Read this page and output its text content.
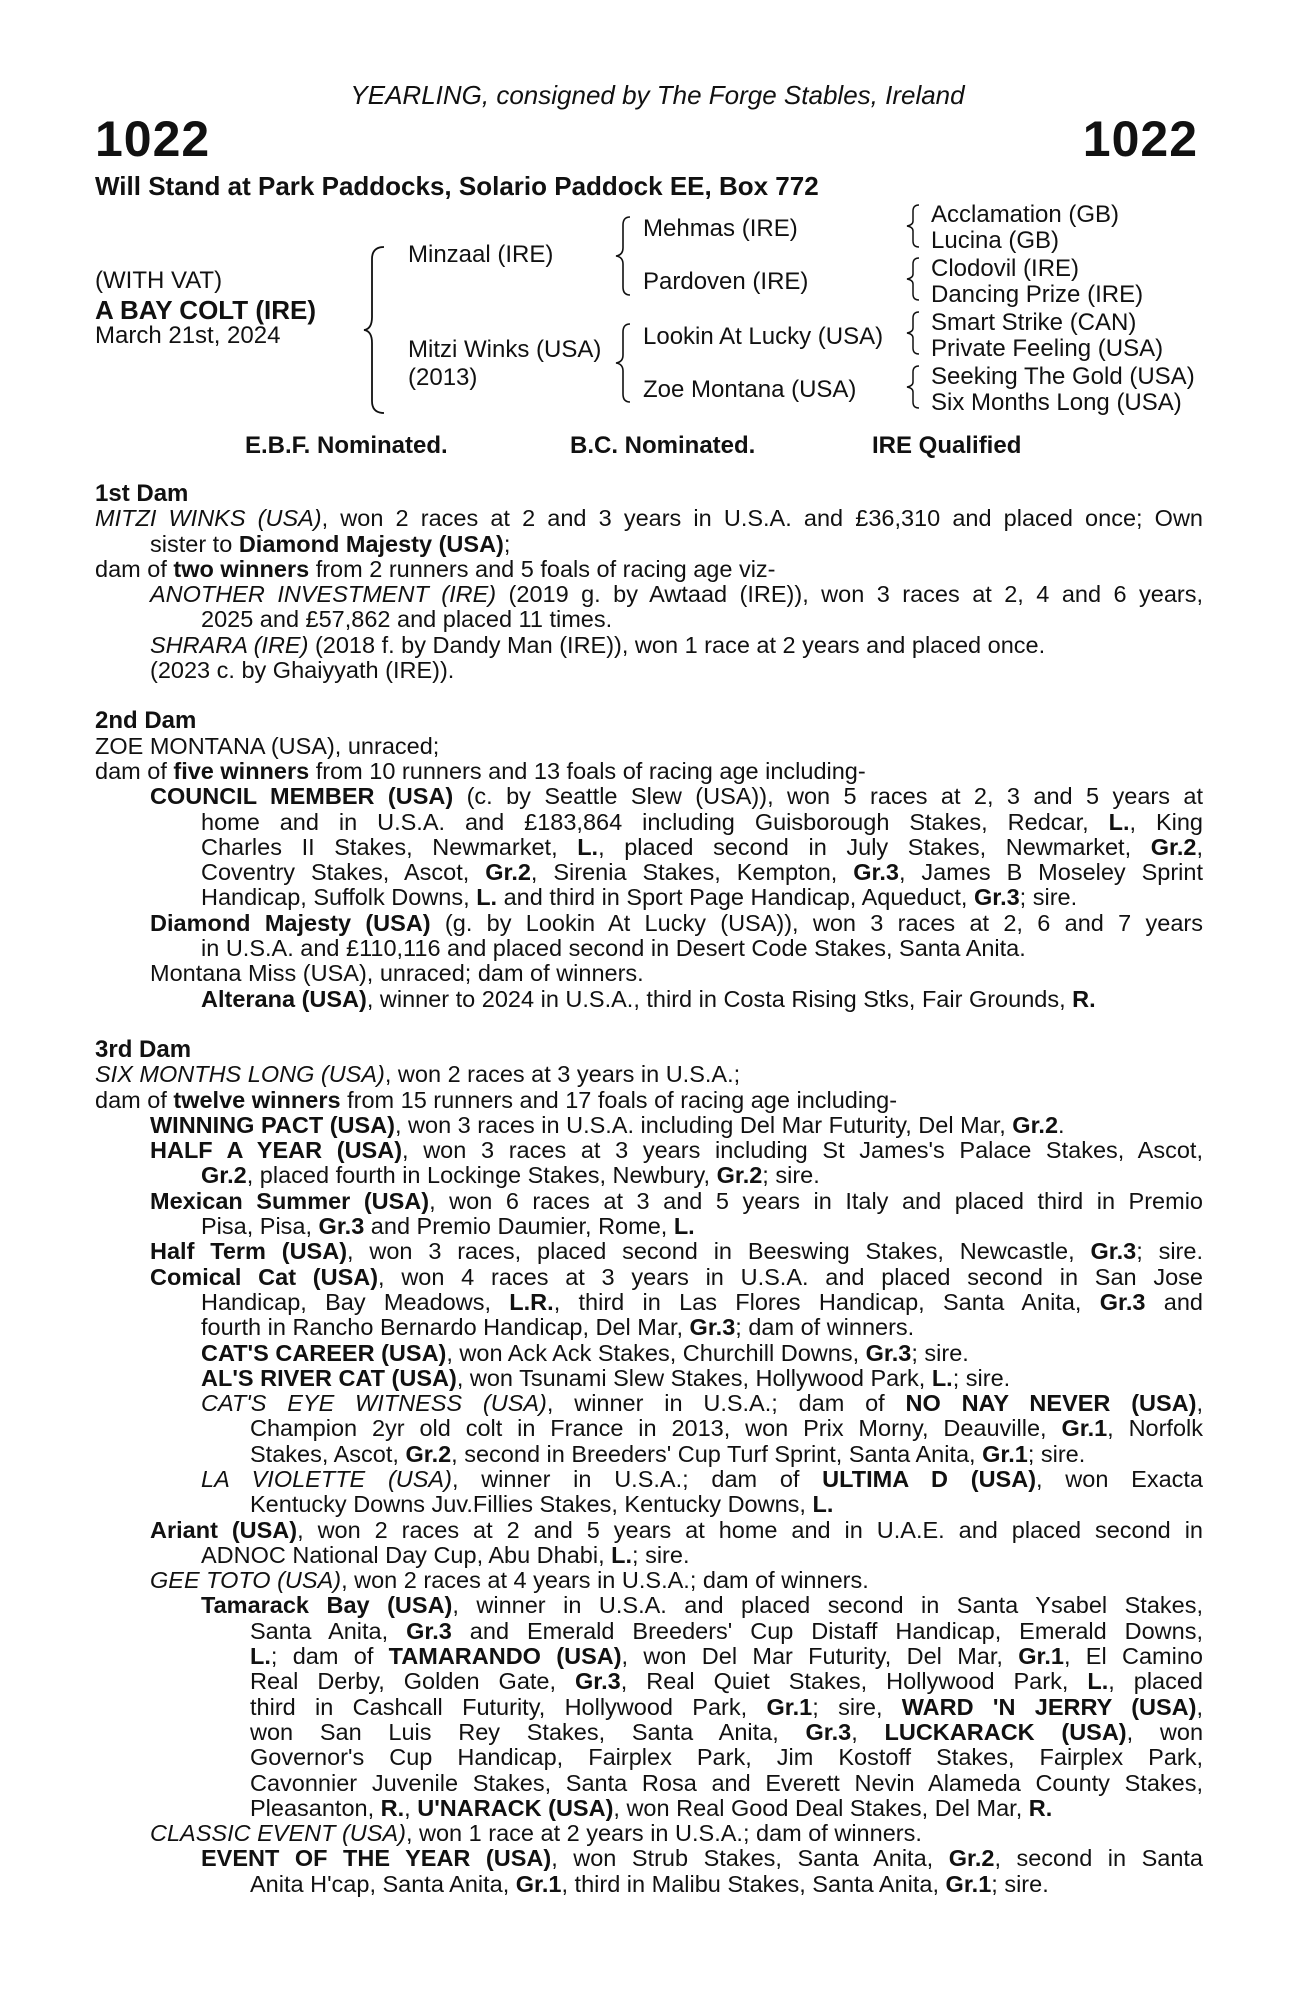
YEARLING, consigned by The Forge Stables, Ireland
1022	1022
Will Stand at Park Paddocks, Solario Paddock EE, Box 772
(WITH VAT)
A BAY COLT (IRE)
March 21st, 2024
Minzaal (IRE)
Mitzi Winks (USA)
(2013)
Mehmas (IRE)
Pardoven (IRE)
Lookin At Lucky (USA)
Zoe Montana (USA)
Acclamation (GB)
Lucina (GB)
Clodovil (IRE)
Dancing Prize (IRE)
Smart Strike (CAN)
Private Feeling (USA)
Seeking The Gold (USA)
Six Months Long (USA)
E.B.F. Nominated.	B.C. Nominated.	IRE Qualified
1st Dam
MITZI WINKS (USA), won 2 races at 2 and 3 years in U.S.A. and £36,310 and placed once; Own
sister to Diamond Majesty (USA);
dam of two winners from 2 runners and 5 foals of racing age viz-
ANOTHER INVESTMENT (IRE) (2019 g. by Awtaad (IRE)), won 3 races at 2, 4 and 6 years,
2025 and £57,862 and placed 11 times.
SHRARA (IRE) (2018 f. by Dandy Man (IRE)), won 1 race at 2 years and placed once.
(2023 c. by Ghaiyyath (IRE)).
2nd Dam
ZOE MONTANA (USA), unraced;
dam of five winners from 10 runners and 13 foals of racing age including-
COUNCIL MEMBER (USA) (c. by Seattle Slew (USA)), won 5 races at 2, 3 and 5 years at
home and in U.S.A. and £183,864 including Guisborough Stakes, Redcar, L., King
Charles II Stakes, Newmarket, L., placed second in July Stakes, Newmarket, Gr.2,
Coventry Stakes, Ascot, Gr.2, Sirenia Stakes, Kempton, Gr.3, James B Moseley Sprint
Handicap, Suffolk Downs, L. and third in Sport Page Handicap, Aqueduct, Gr.3; sire.
Diamond Majesty (USA) (g. by Lookin At Lucky (USA)), won 3 races at 2, 6 and 7 years
in U.S.A. and £110,116 and placed second in Desert Code Stakes, Santa Anita.
Montana Miss (USA), unraced; dam of winners.
Alterana (USA), winner to 2024 in U.S.A., third in Costa Rising Stks, Fair Grounds, R.
3rd Dam
SIX MONTHS LONG (USA), won 2 races at 3 years in U.S.A.;
dam of twelve winners from 15 runners and 17 foals of racing age including-
WINNING PACT (USA), won 3 races in U.S.A. including Del Mar Futurity, Del Mar, Gr.2.
HALF A YEAR (USA), won 3 races at 3 years including St James's Palace Stakes, Ascot,
Gr.2, placed fourth in Lockinge Stakes, Newbury, Gr.2; sire.
Mexican Summer (USA), won 6 races at 3 and 5 years in Italy and placed third in Premio
Pisa, Pisa, Gr.3 and Premio Daumier, Rome, L.
Half Term (USA), won 3 races, placed second in Beeswing Stakes, Newcastle, Gr.3; sire.
Comical Cat (USA), won 4 races at 3 years in U.S.A. and placed second in San Jose
Handicap, Bay Meadows, L.R., third in Las Flores Handicap, Santa Anita, Gr.3 and
fourth in Rancho Bernardo Handicap, Del Mar, Gr.3; dam of winners.
CAT'S CAREER (USA), won Ack Ack Stakes, Churchill Downs, Gr.3; sire.
AL'S RIVER CAT (USA), won Tsunami Slew Stakes, Hollywood Park, L.; sire.
CAT'S EYE WITNESS (USA), winner in U.S.A.; dam of NO NAY NEVER (USA),
Champion 2yr old colt in France in 2013, won Prix Morny, Deauville, Gr.1, Norfolk
Stakes, Ascot, Gr.2, second in Breeders' Cup Turf Sprint, Santa Anita, Gr.1; sire.
LA VIOLETTE (USA), winner in U.S.A.; dam of ULTIMA D (USA), won Exacta
Kentucky Downs Juv.Fillies Stakes, Kentucky Downs, L.
Ariant (USA), won 2 races at 2 and 5 years at home and in U.A.E. and placed second in
ADNOC National Day Cup, Abu Dhabi, L.; sire.
GEE TOTO (USA), won 2 races at 4 years in U.S.A.; dam of winners.
Tamarack Bay (USA), winner in U.S.A. and placed second in Santa Ysabel Stakes,
Santa Anita, Gr.3 and Emerald Breeders' Cup Distaff Handicap, Emerald Downs,
L.; dam of TAMARANDO (USA), won Del Mar Futurity, Del Mar, Gr.1, El Camino
Real Derby, Golden Gate, Gr.3, Real Quiet Stakes, Hollywood Park, L., placed
third in Cashcall Futurity, Hollywood Park, Gr.1; sire, WARD 'N JERRY (USA),
won San Luis Rey Stakes, Santa Anita, Gr.3, LUCKARACK (USA), won
Governor's Cup Handicap, Fairplex Park, Jim Kostoff Stakes, Fairplex Park,
Cavonnier Juvenile Stakes, Santa Rosa and Everett Nevin Alameda County Stakes,
Pleasanton, R., U'NARACK (USA), won Real Good Deal Stakes, Del Mar, R.
CLASSIC EVENT (USA), won 1 race at 2 years in U.S.A.; dam of winners.
EVENT OF THE YEAR (USA), won Strub Stakes, Santa Anita, Gr.2, second in Santa
Anita H'cap, Santa Anita, Gr.1, third in Malibu Stakes, Santa Anita, Gr.1; sire.
